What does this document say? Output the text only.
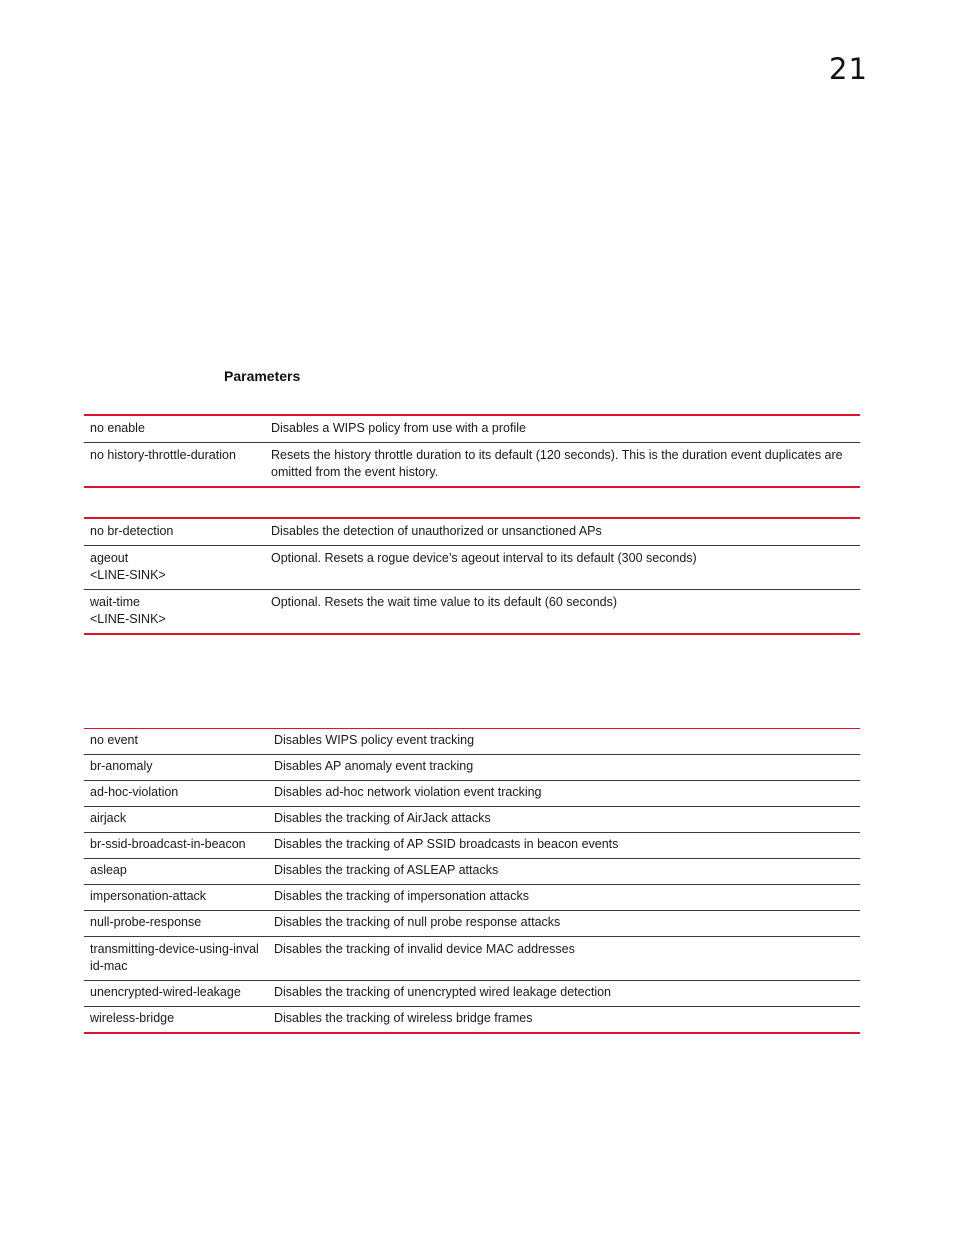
21
Parameters
no enable	Disables a WIPS policy from use with a profile
no history-throttle-duration	Resets the history throttle duration to its default (120 seconds). This is the duration event duplicates are omitted from the event history.
no br-detection	Disables the detection of unauthorized or unsanctioned APs

ageout
<LINE-SINK>	Optional. Resets a rogue device’s ageout interval to its default (300 seconds)

wait-time
<LINE-SINK>	Optional. Resets the wait time value to its default (60 seconds)
no event	Disables WIPS policy event tracking
br-anomaly	Disables AP anomaly event tracking
ad-hoc-violation	Disables ad-hoc network violation event tracking
airjack	Disables the tracking of AirJack attacks
br-ssid-broadcast-in-beacon	Disables the tracking of AP SSID broadcasts in beacon events
asleap	Disables the tracking of ASLEAP attacks
impersonation-attack	Disables the tracking of impersonation attacks
null-probe-response	Disables the tracking of null probe response attacks

transmitting-device-using-inval
id-mac	Disables the tracking of invalid device MAC addresses
unencrypted-wired-leakage	Disables the tracking of unencrypted wired leakage detection
wireless-bridge	Disables the tracking of wireless bridge frames
